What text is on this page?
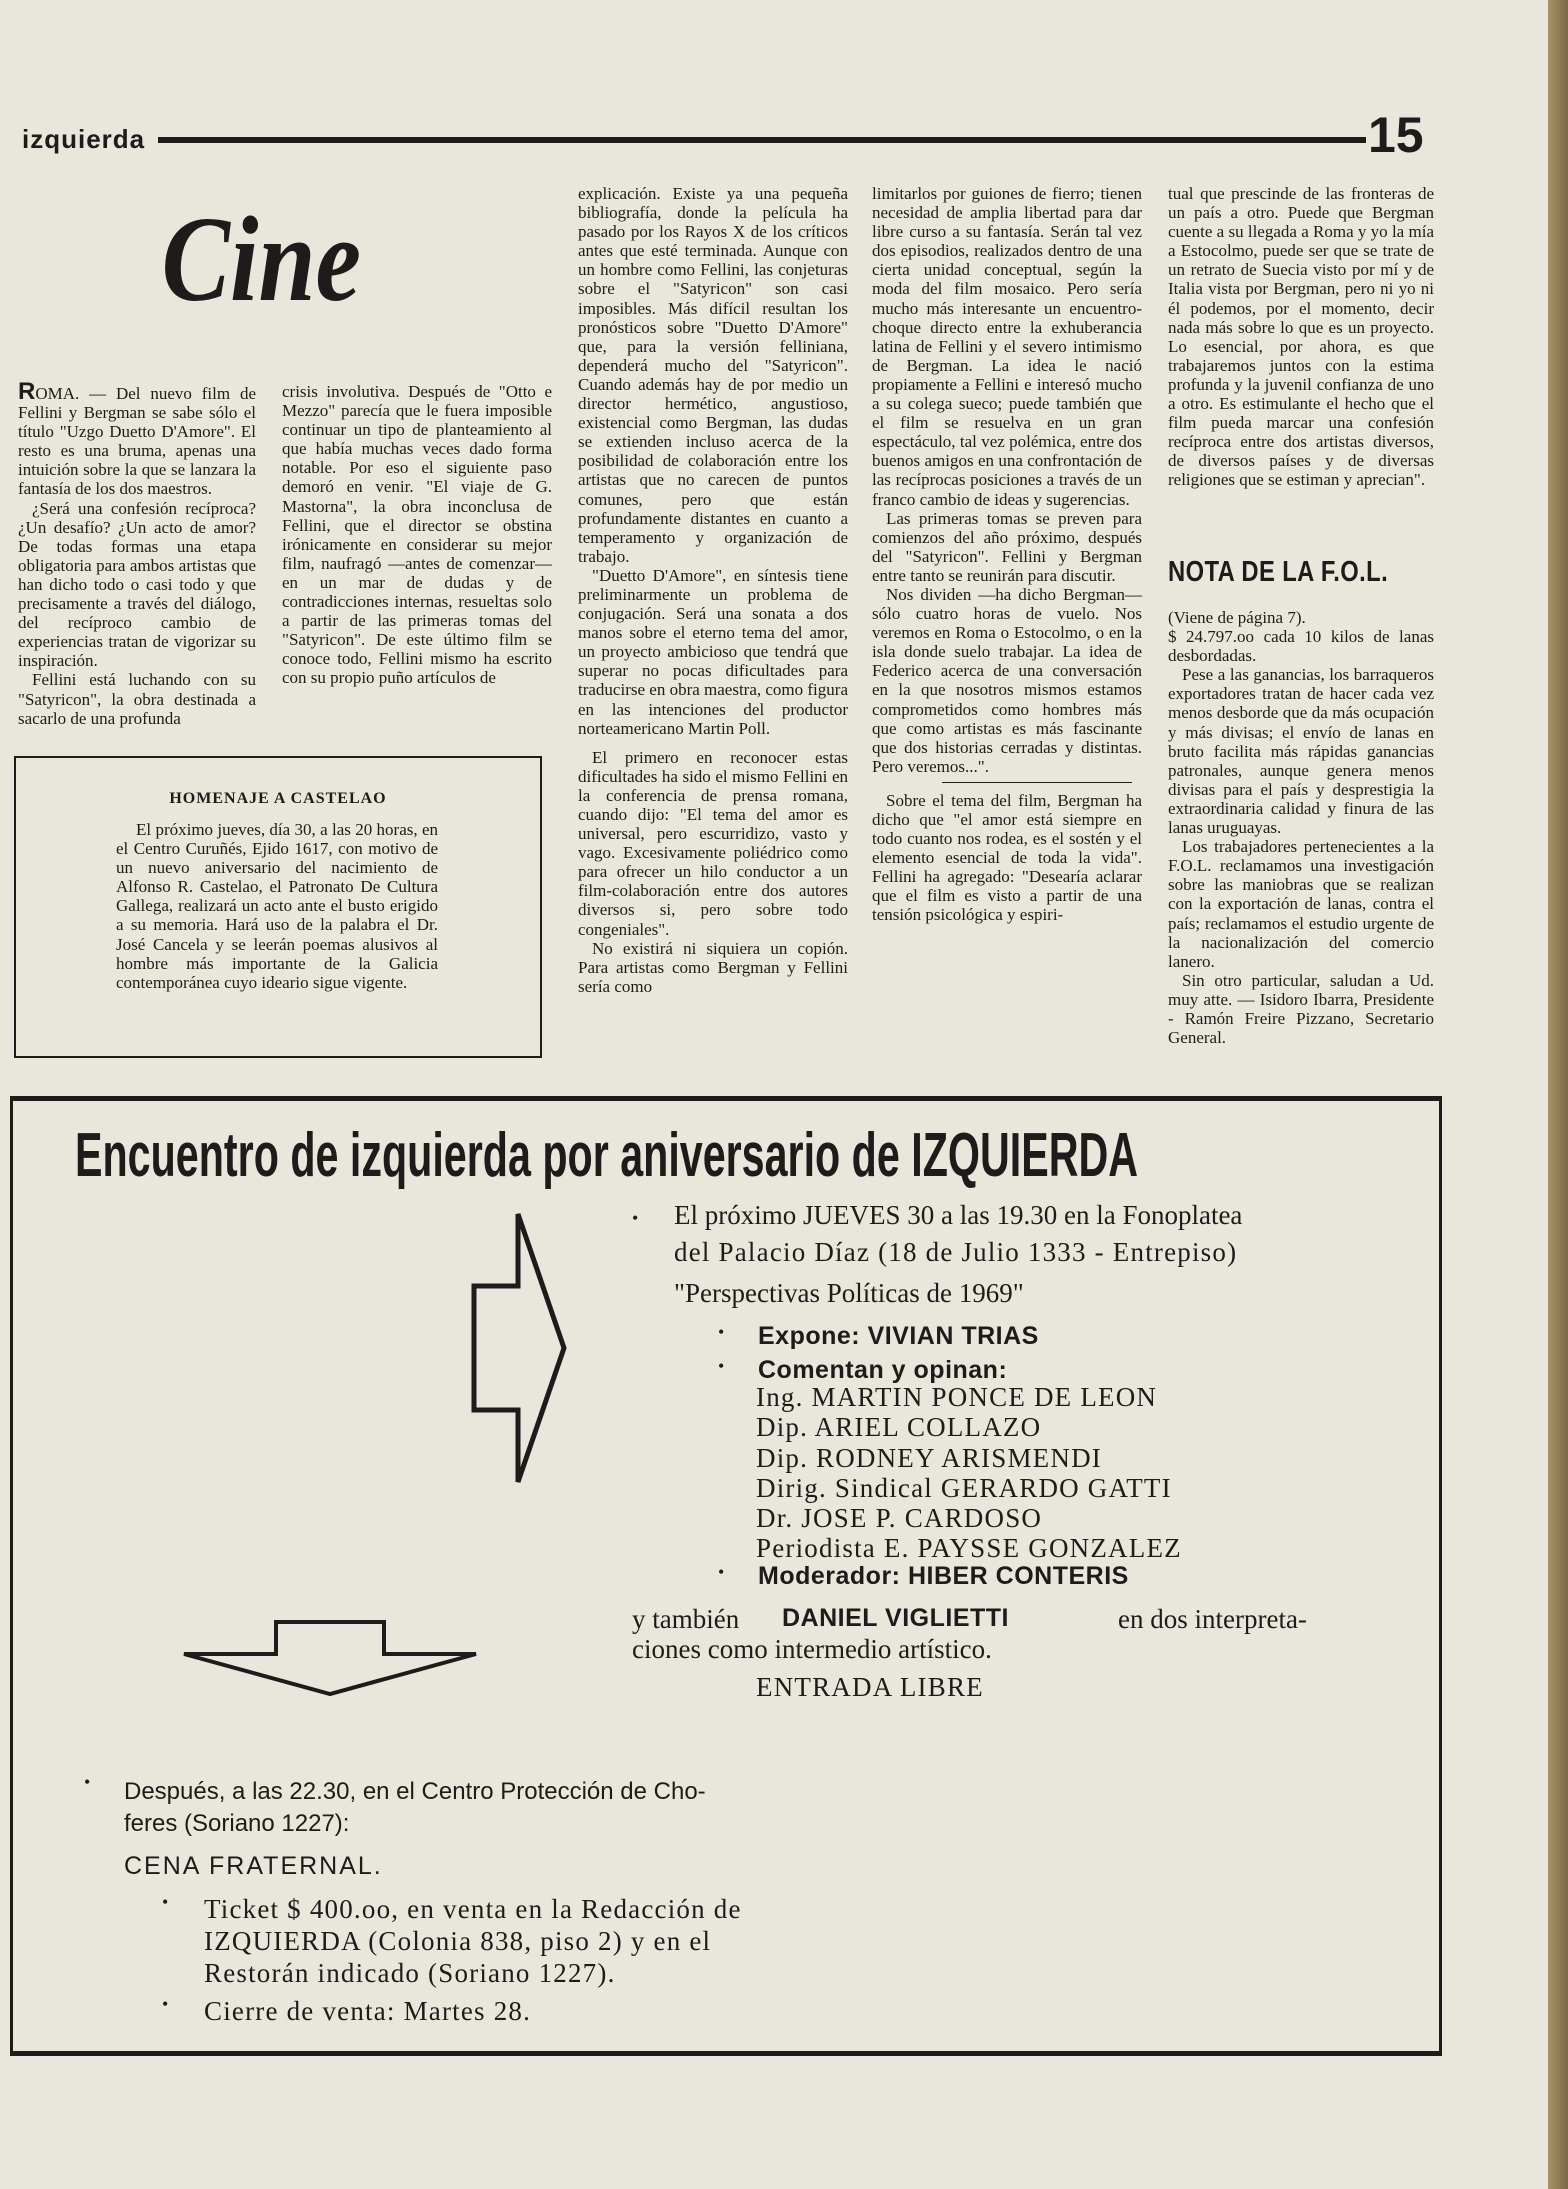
izquierda	15
Cine

ROMA. — Del nuevo film de Fellini y Bergman se sabe sólo el título "Uzgo Duetto D'Amore". El resto es una bruma, apenas una intuición sobre la que se lanzara la fantasía de los dos maestros.

¿Será una confesión recíproca? ¿Un desafío? ¿Un acto de amor? De todas formas una etapa obligatoria para ambos artistas que han dicho todo o casi todo y que precisamente a través del diálogo, del recíproco cambio de experiencias tratan de vigorizar su inspiración.

Fellini está luchando con su "Satyricon", la obra destinada a sacarlo de una profunda

crisis involutiva. Después de "Otto e Mezzo" parecía que le fuera imposible continuar un tipo de planteamiento al que había muchas veces dado forma notable. Por eso el siguiente paso demoró en venir. "El viaje de G. Mastorna", la obra inconclusa de Fellini, que el director se obstina irónicamente en considerar su mejor film, naufragó —antes de comenzar— en un mar de dudas y de contradicciones internas, resueltas solo a partir de las primeras tomas del "Satyricon". De este último film se conoce todo, Fellini mismo ha escrito con su propio puño artículos de

HOMENAJE A CASTELAO
El próximo jueves, día 30, a las 20 horas, en el Centro Curuñés, Ejido 1617, con motivo de un nuevo aniversario del nacimiento de Alfonso R. Castelao, el Patronato De Cultura Gallega, realizará un acto ante el busto erigido a su memoria. Hará uso de la palabra el Dr. José Cancela y se leerán poemas alusivos al hombre más importante de la Galicia contemporánea cuyo ideario sigue vigente.

explicación. Existe ya una pequeña bibliografía, donde la película ha pasado por los Rayos X de los críticos antes que esté terminada. Aunque con un hombre como Fellini, las conjeturas sobre el "Satyricon" son casi imposibles. Más difícil resultan los pronósticos sobre "Duetto D'Amore" que, para la versión felliniana, dependerá mucho del "Satyricon". Cuando además hay de por medio un director hermético, angustioso, existencial como Bergman, las dudas se extienden incluso acerca de la posibilidad de colaboración entre los artistas que no carecen de puntos comunes, pero que están profundamente distantes en cuanto a temperamento y organización de trabajo.

"Duetto D'Amore", en síntesis tiene preliminarmente un problema de conjugación. Será una sonata a dos manos sobre el eterno tema del amor, un proyecto ambicioso que tendrá que superar no pocas dificultades para traducirse en obra maestra, como figura en las intenciones del productor norteamericano Martin Poll.

El primero en reconocer estas dificultades ha sido el mismo Fellini en la conferencia de prensa romana, cuando dijo: "El tema del amor es universal, pero escurridizo, vasto y vago. Excesivamente poliédrico como para ofrecer un hilo conductor a un film-colaboración entre dos autores diversos si, pero sobre todo congeniales".

No existirá ni siquiera un copión. Para artistas como Bergman y Fellini sería como

limitarlos por guiones de fierro; tienen necesidad de amplia libertad para dar libre curso a su fantasía. Serán tal vez dos episodios, realizados dentro de una cierta unidad conceptual, según la moda del film mosaico. Pero sería mucho más interesante un encuentro-choque directo entre la exhuberancia latina de Fellini y el severo intimismo de Bergman. La idea le nació propiamente a Fellini e interesó mucho a su colega sueco; puede también que el film se resuelva en un gran espectáculo, tal vez polémica, entre dos buenos amigos en una confrontación de las recíprocas posiciones a través de un franco cambio de ideas y sugerencias.

Las primeras tomas se preven para comienzos del año próximo, después del "Satyricon". Fellini y Bergman entre tanto se reunirán para discutir.

Nos dividen —ha dicho Bergman— sólo cuatro horas de vuelo. Nos veremos en Roma o Estocolmo, o en la isla donde suelo trabajar. La idea de Federico acerca de una conversación en la que nosotros mismos estamos comprometidos como hombres más que como artistas es más fascinante que dos historias cerradas y distintas. Pero veremos...".

Sobre el tema del film, Bergman ha dicho que "el amor está siempre en todo cuanto nos rodea, es el sostén y el elemento esencial de toda la vida". Fellini ha agregado: "Desearía aclarar que el film es visto a partir de una tensión psicológica y espiri-

tual que prescinde de las fronteras de un país a otro. Puede que Bergman cuente a su llegada a Roma y yo la mía a Estocolmo, puede ser que se trate de un retrato de Suecia visto por mí y de Italia vista por Bergman, pero ni yo ni él podemos, por el momento, decir nada más sobre lo que es un proyecto. Lo esencial, por ahora, es que trabajaremos juntos con la estima profunda y la juvenil confianza de uno a otro. Es estimulante el hecho que el film pueda marcar una confesión recíproca entre dos artistas diversos, de diversos países y de diversas religiones que se estiman y aprecian".

NOTA DE LA F.O.L.

(Viene de página 7).

$ 24.797.oo cada 10 kilos de lanas desbordadas.

Pese a las ganancias, los barraqueros exportadores tratan de hacer cada vez menos desborde que da más ocupación y más divisas; el envío de lanas en bruto facilita más rápidas ganancias patronales, aunque genera menos divisas para el país y desprestigia la extraordinaria calidad y finura de las lanas uruguayas.

Los trabajadores pertenecientes a la F.O.L. reclamamos una investigación sobre las maniobras que se realizan con la exportación de lanas, contra el país; reclamamos el estudio urgente de la nacionalización del comercio lanero.

Sin otro particular, saludan a Ud. muy atte. — Isidoro Ibarra, Presidente - Ramón Freire Pizzano, Secretario General.

Encuentro de izquierda por aniversario de IZQUIERDA
• El próximo JUEVES 30 a las 19.30 en la Fonoplatea
del Palacio Díaz (18 de Julio 1333 - Entrepiso)
"Perspectivas Políticas de 1969"
• Expone: VIVIAN TRIAS
• Comentan y opinan:
Ing. MARTIN PONCE DE LEON
Dip. ARIEL COLLAZO
Dip. RODNEY ARISMENDI
Dirig. Sindical GERARDO GATTI
Dr. JOSE P. CARDOSO
Periodista E. PAYSSE GONZALEZ
• Moderador: HIBER CONTERIS
y también DANIEL VIGLIETTI	en dos interpreta-
ciones como intermedio artístico.
ENTRADA LIBRE
• Después, a las 22.30, en el Centro Protección de Cho-
feres (Soriano 1227):
CENA FRATERNAL.
• Ticket $ 400.oo, en venta en la Redacción de
IZQUIERDA (Colonia 838, piso 2) y en el
Restorán indicado (Soriano 1227).
• Cierre de venta: Martes 28.
